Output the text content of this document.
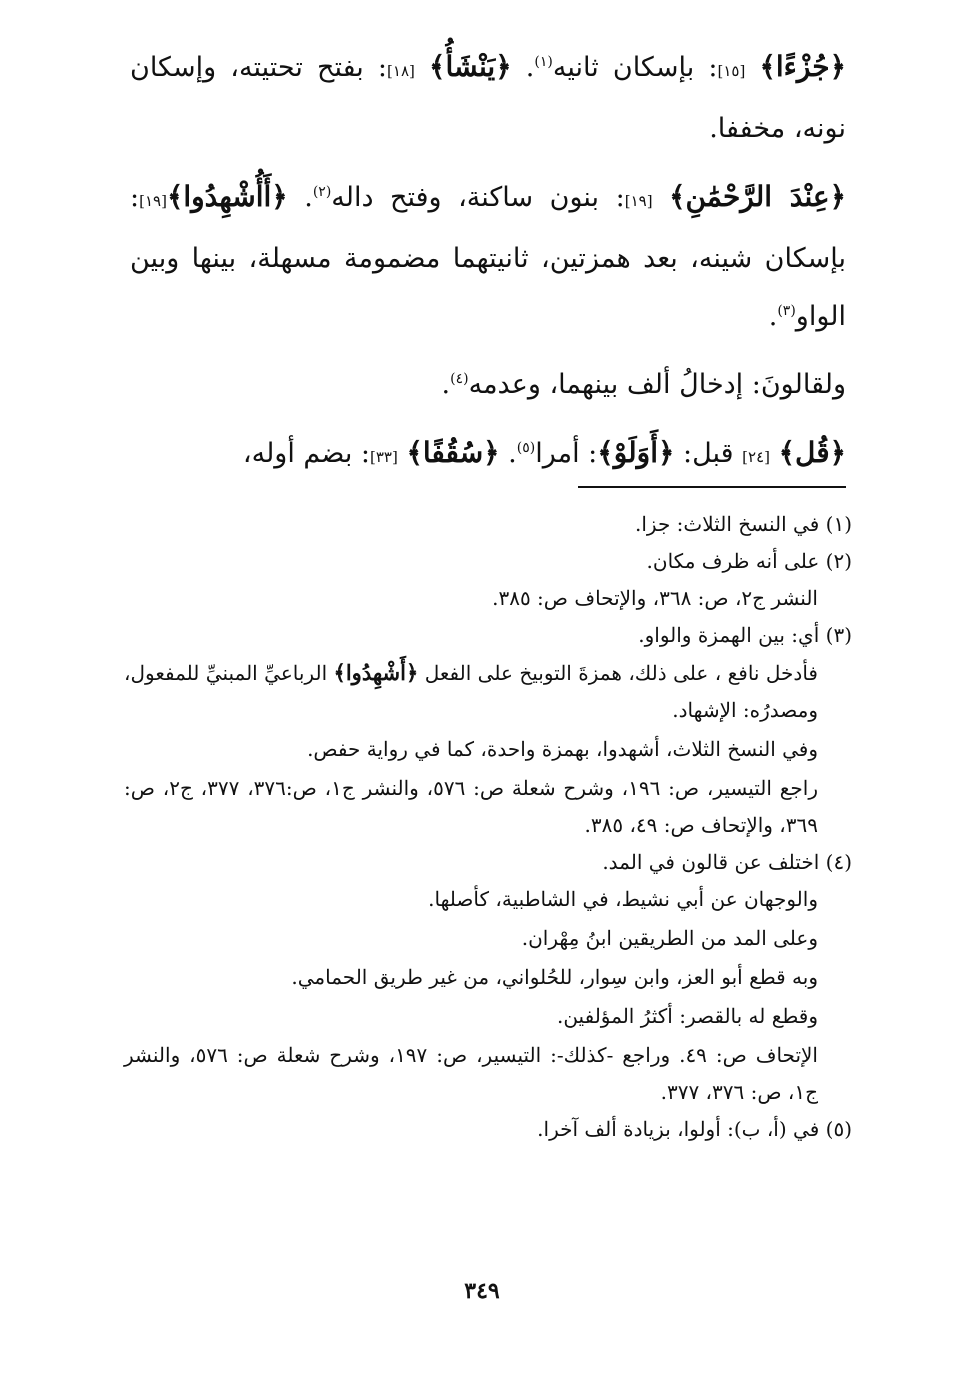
﴿جُزْءًا﴾ [١٥]: بإسكان ثانيه$^{(١)}$. ﴿يَنْشَأُ﴾ [١٨]: بفتح تحتيته، وإسكان نونه، مخففا.

﴿عِنْدَ الرَّحْمَٰنِ﴾ [١٩]: بنون ساكنة، وفتح داله$^{(٢)}$. ﴿أَأُشْهِدُوا﴾[١٩]: بإسكان شينه، بعد همزتين، ثانيتهما مضمومة مسهلة، بينها وبين الواو$^{(٣)}$.

ولقالونَ: إدخالُ ألف بينهما، وعدمه$^{(٤)}$.

﴿قُل﴾ [٢٤] قبل: ﴿أَوَلَوْ﴾: أمرا$^{(٥)}$. ﴿سُقُفًا﴾ [٣٣]: بضم أوله،

(١) في النسخ الثلاث: جزا.

(٢) على أنه ظرف مكان.

النشر ج٢، ص: ٣٦٨، والإتحاف ص: ٣٨٥.

(٣) أي: بين الهمزة والواو.

فأدخل نافع ، على ذلك، همزةَ التوبيخ على الفعل ﴿أَشْهِدُوا﴾ الرباعيِّ المبنيِّ للمفعول، ومصدرُه: الإشهاد.

وفي النسخ الثلاث، أشهدوا، بهمزة واحدة، كما في رواية حفص.

راجع التيسير، ص: ١٩٦، وشرح شعلة ص: ٥٧٦، والنشر ج١، ص:٣٧٦، ٣٧٧، ج٢، ص: ٣٦٩، والإتحاف ص: ٤٩، ٣٨٥.

(٤) اختلف عن قالون في المد.

والوجهان عن أبي نشيط، في الشاطبية، كأصلها.

وعلى المد من الطريقين ابنُ مِهْران.

وبه قطع أبو العز، وابن سِوار، للحُلواني، من غير طريق الحمامي.

وقطع له بالقصر: أكثرُ المؤلفين.

الإتحاف ص: ٤٩. وراجع -كذلك-: التيسير، ص: ١٩٧، وشرح شعلة ص: ٥٧٦، والنشر ج١، ص: ٣٧٦، ٣٧٧.

(٥) في (أ، ب): أولوا، بزيادة ألف آخرا.

٣٤٩
